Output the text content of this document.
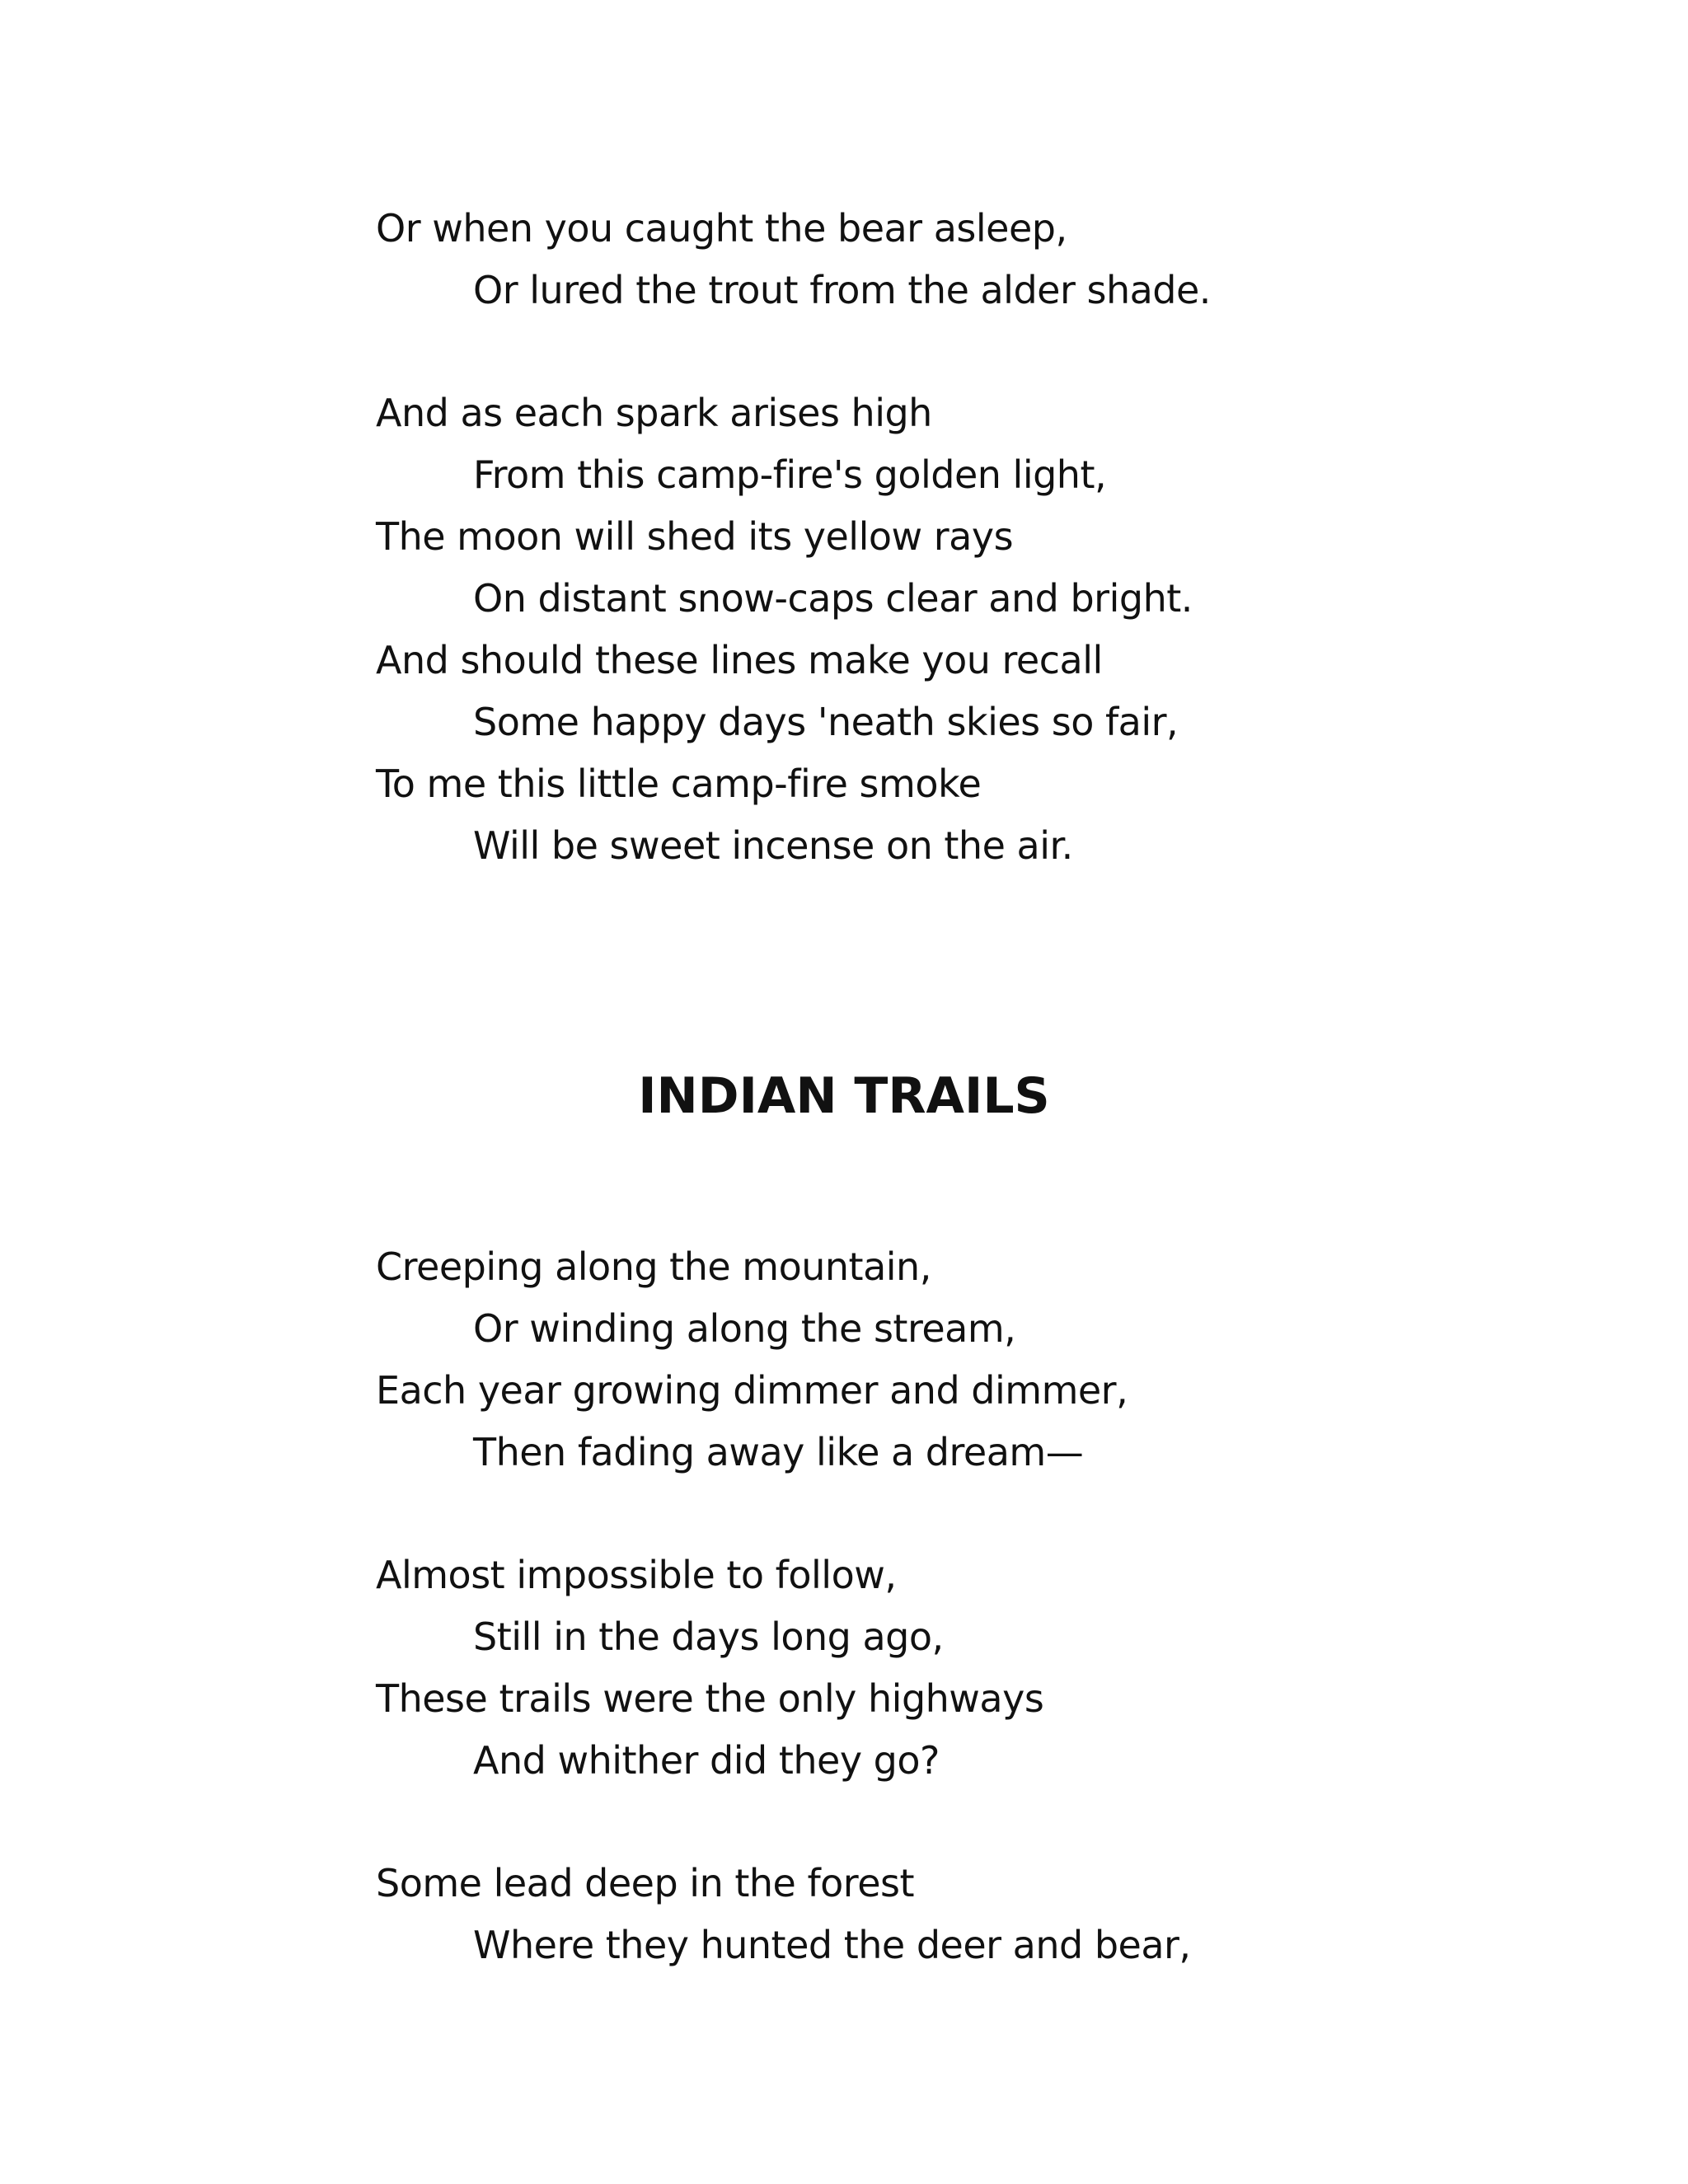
Or when you caught the bear asleep,
Or lured the trout from the alder shade.
And as each spark arises high
From this camp-fire's golden light,
The moon will shed its yellow rays
On distant snow-caps clear and bright.
And should these lines make you recall
Some happy days 'neath skies so fair,
To me this little camp-fire smoke
Will be sweet incense on the air.
INDIAN TRAILS
Creeping along the mountain,
Or winding along the stream,
Each year growing dimmer and dimmer,
Then fading away like a dream—
Almost impossible to follow,
Still in the days long ago,
These trails were the only highways
And whither did they go?
Some lead deep in the forest
Where they hunted the deer and bear,
